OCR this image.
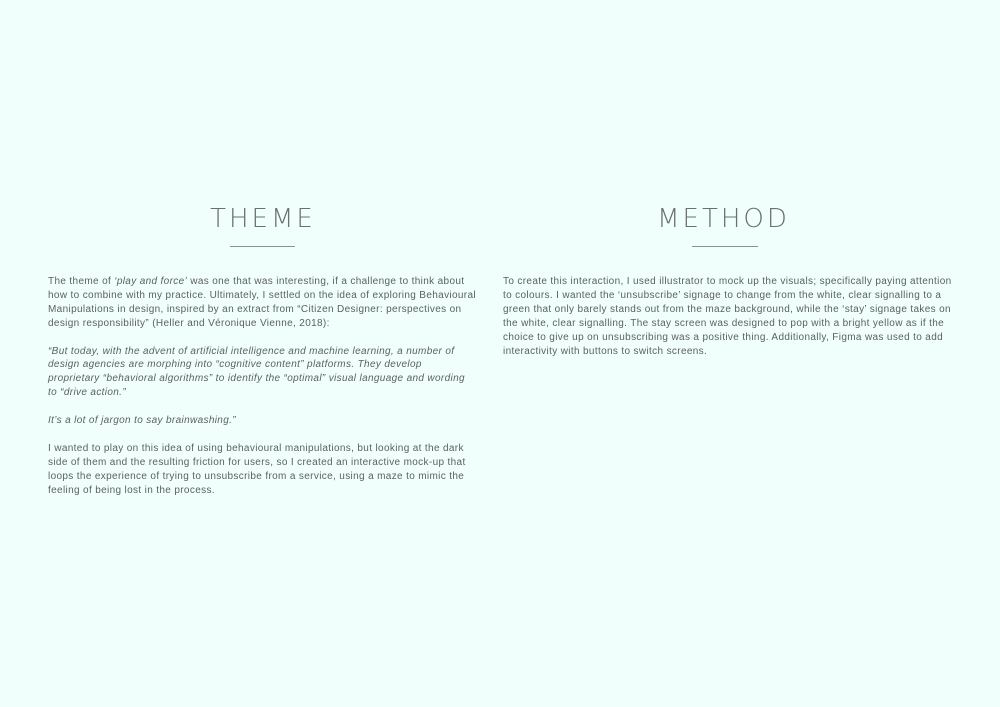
THEME

The theme of ‘play and force’ was one that was interesting, if a challenge to think about how to combine with my practice. Ultimately, I settled on the idea of exploring Behavioural Manipulations in design, inspired by an extract from “Citizen Designer: perspectives on design responsibility” (Heller and Véronique Vienne, 2018):

“But today, with the advent of artificial intelligence and machine learning, a number of design agencies are morphing into “cognitive content” platforms. They develop proprietary “behavioral algorithms” to identify the “optimal” visual language and wording to “drive action.”

It’s a lot of jargon to say brainwashing.”

I wanted to play on this idea of using behavioural manipulations, but looking at the dark side of them and the resulting friction for users, so I created an interactive mock-up that loops the experience of trying to unsubscribe from a service, using a maze to mimic the feeling of being lost in the process.

METHOD

To create this interaction, I used illustrator to mock up the visuals; specifically paying attention to colours. I wanted the ‘unsubscribe’ signage to change from the white, clear signalling to a green that only barely stands out from the maze background, while the ‘stay’ signage takes on the white, clear signalling. The stay screen was designed to pop with a bright yellow as if the choice to give up on unsubscribing was a positive thing. Additionally, Figma was used to add interactivity with buttons to switch screens.
